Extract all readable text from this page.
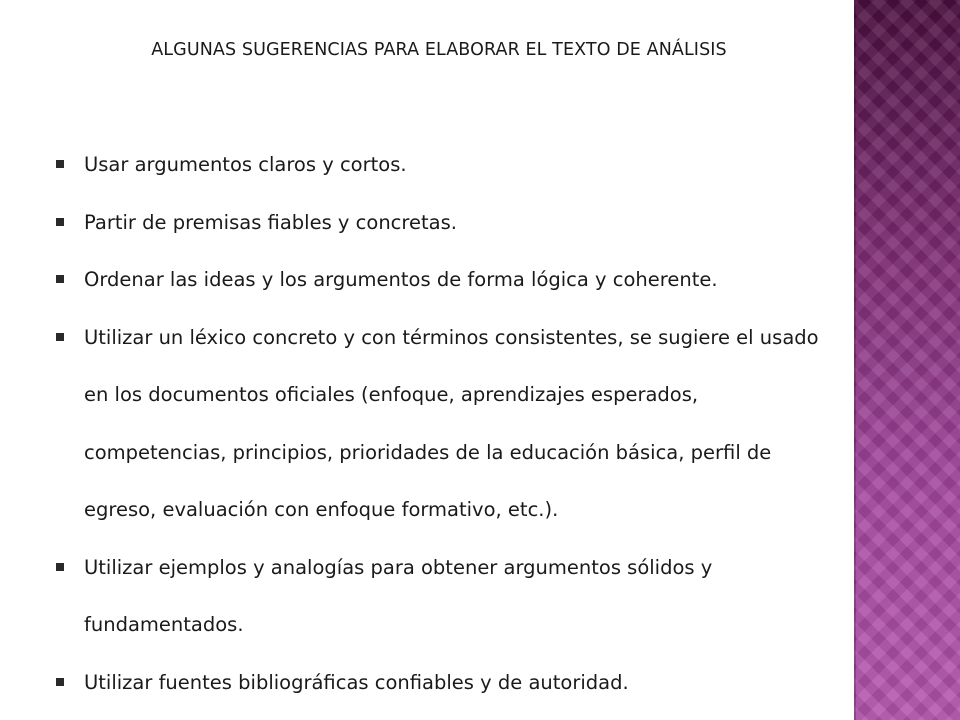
ALGUNAS SUGERENCIAS PARA ELABORAR EL TEXTO DE ANÁLISIS
Usar argumentos claros y cortos.
Partir de premisas fiables y concretas.
Ordenar las ideas y los argumentos de forma lógica y coherente.
Utilizar un léxico concreto y con términos consistentes, se sugiere el usado en los documentos oficiales (enfoque, aprendizajes esperados, competencias, principios, prioridades de la educación básica, perfil de egreso, evaluación con enfoque formativo, etc.).
Utilizar ejemplos y analogías para obtener argumentos sólidos y fundamentados.
Utilizar fuentes bibliográficas confiables y de autoridad.
